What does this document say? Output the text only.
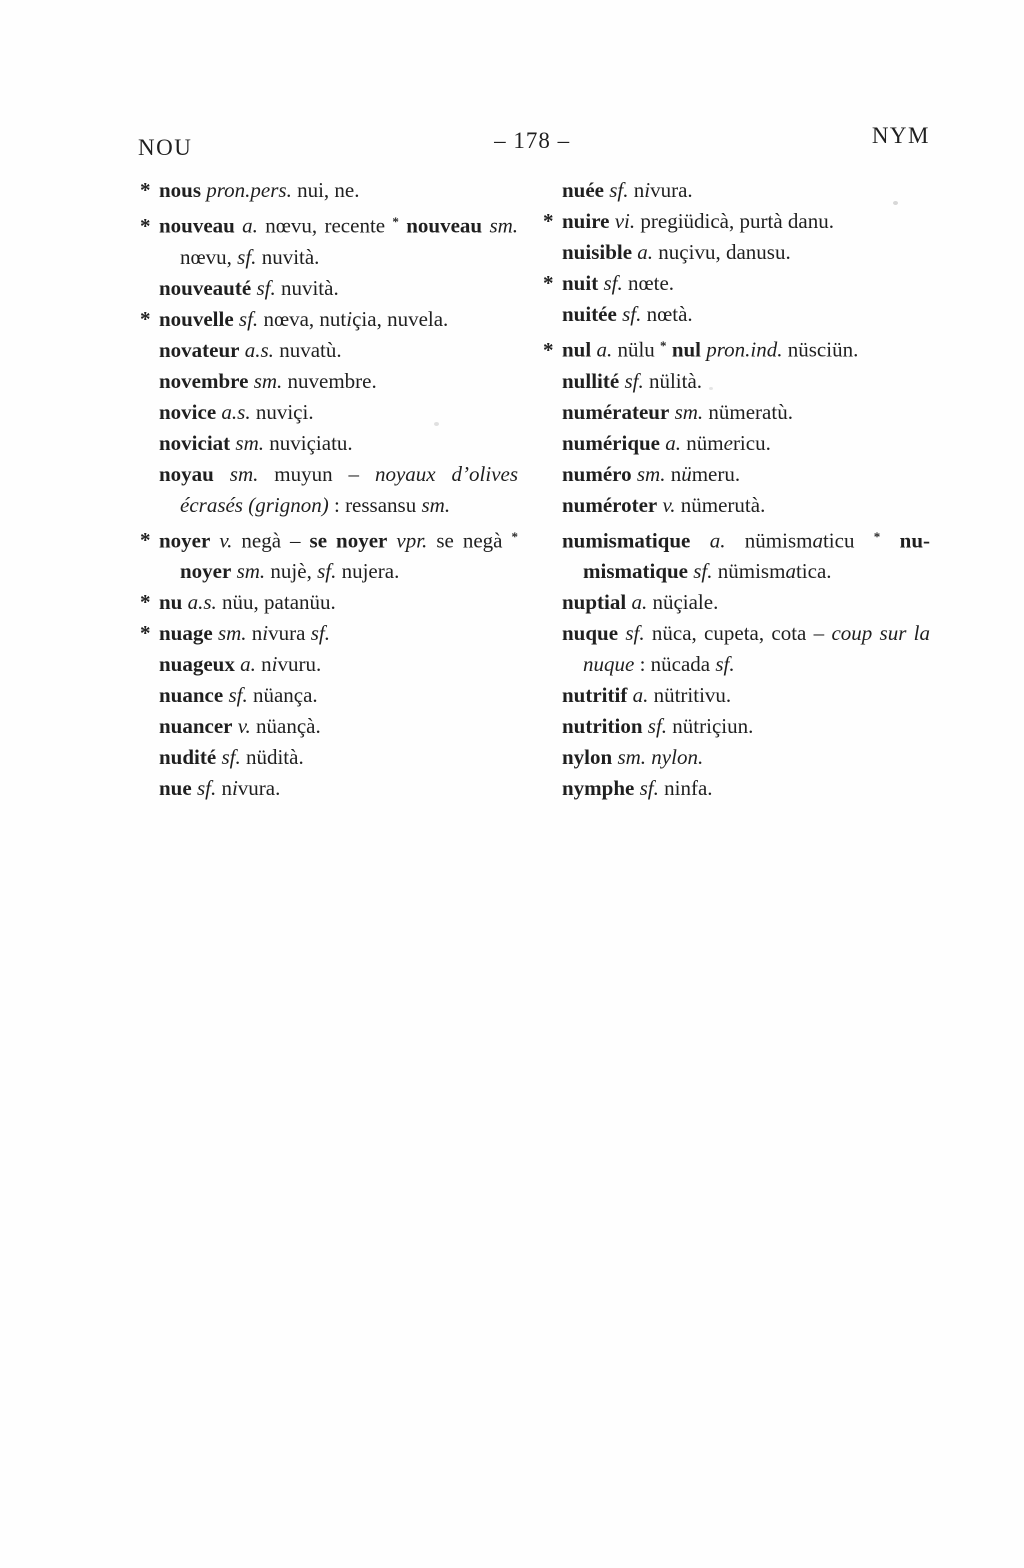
NOU	– 178 –	NYM
* nous pron.pers. nui, ne.
* nouveau a. nœvu, recente * nouveau sm. nœvu, sf. nuvità.
nouveauté sf. nuvità.
* nouvelle sf. nœva, nutiçia, nuvela.
novateur a.s. nuvatù.
novembre sm. nuvembre.
novice a.s. nuviçi.
noviciat sm. nuviçiatu.
noyau sm. muyun – noyaux d’olives écrasés (grignon) : ressansu sm.
* noyer v. negà – se noyer vpr. se negà * noyer sm. nujè, sf. nujera.
* nu a.s. nüu, patanüu.
* nuage sm. nivura sf.
nuageux a. nivuru.
nuance sf. nüança.
nuancer v. nüançà.
nudité sf. nüdità.
nue sf. nivura.
nuée sf. nivura.
* nuire vi. pregiüdicà, purtà danu.
nuisible a. nuçivu, danusu.
* nuit sf. nœte.
nuitée sf. nœtà.
* nul a. nülu * nul pron.ind. nüsciün.
nullité sf. nülità.
numérateur sm. nümeratù.
numérique a. nümericu.
numéro sm. nümeru.
numéroter v. nümerutà.
numismatique a. nümismaticu * nu-mismatique sf. nümismatica.
nuptial a. nüçiale.
nuque sf. nüca, cupeta, cota – coup sur la nuque : nücada sf.
nutritif a. nütritivu.
nutrition sf. nütriçiun.
nylon sm. nylon.
nymphe sf. ninfa.
